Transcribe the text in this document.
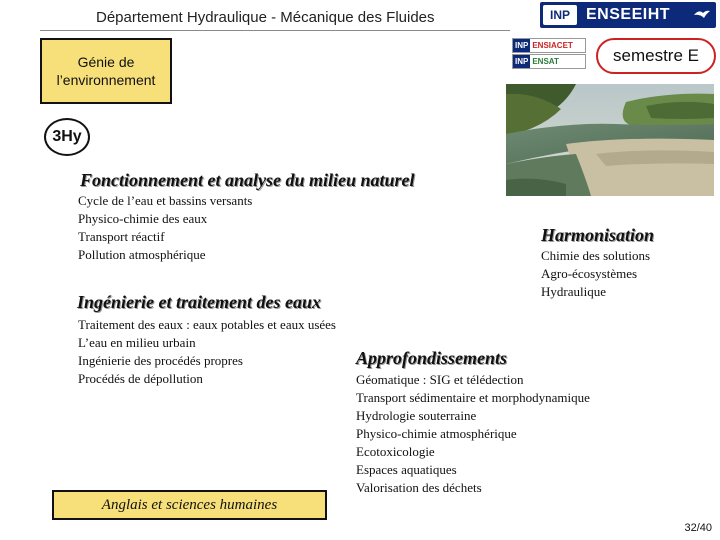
Département Hydraulique - Mécanique des Fluides	INP	ENSEEIHT
INP ENSIACET
INP ENSAT
Génie de
l’environnement
semestre E
3Hy
Fonctionnement et analyse du milieu naturel
Cycle de l’eau et bassins versants
Physico-chimie des eaux
Transport réactif
Pollution atmosphérique
Harmonisation
Chimie des solutions
Agro-écosystèmes
Hydraulique
Ingénierie et traitement des eaux
Traitement des eaux : eaux potables et eaux usées
L’eau en milieu urbain
Ingénierie des procédés propres
Procédés de dépollution
Approfondissements
Géomatique : SIG et télédection
Transport sédimentaire et morphodynamique
Hydrologie souterraine
Physico-chimie atmosphérique
Ecotoxicologie
Espaces aquatiques
Valorisation des déchets
Anglais et sciences humaines
32/40
